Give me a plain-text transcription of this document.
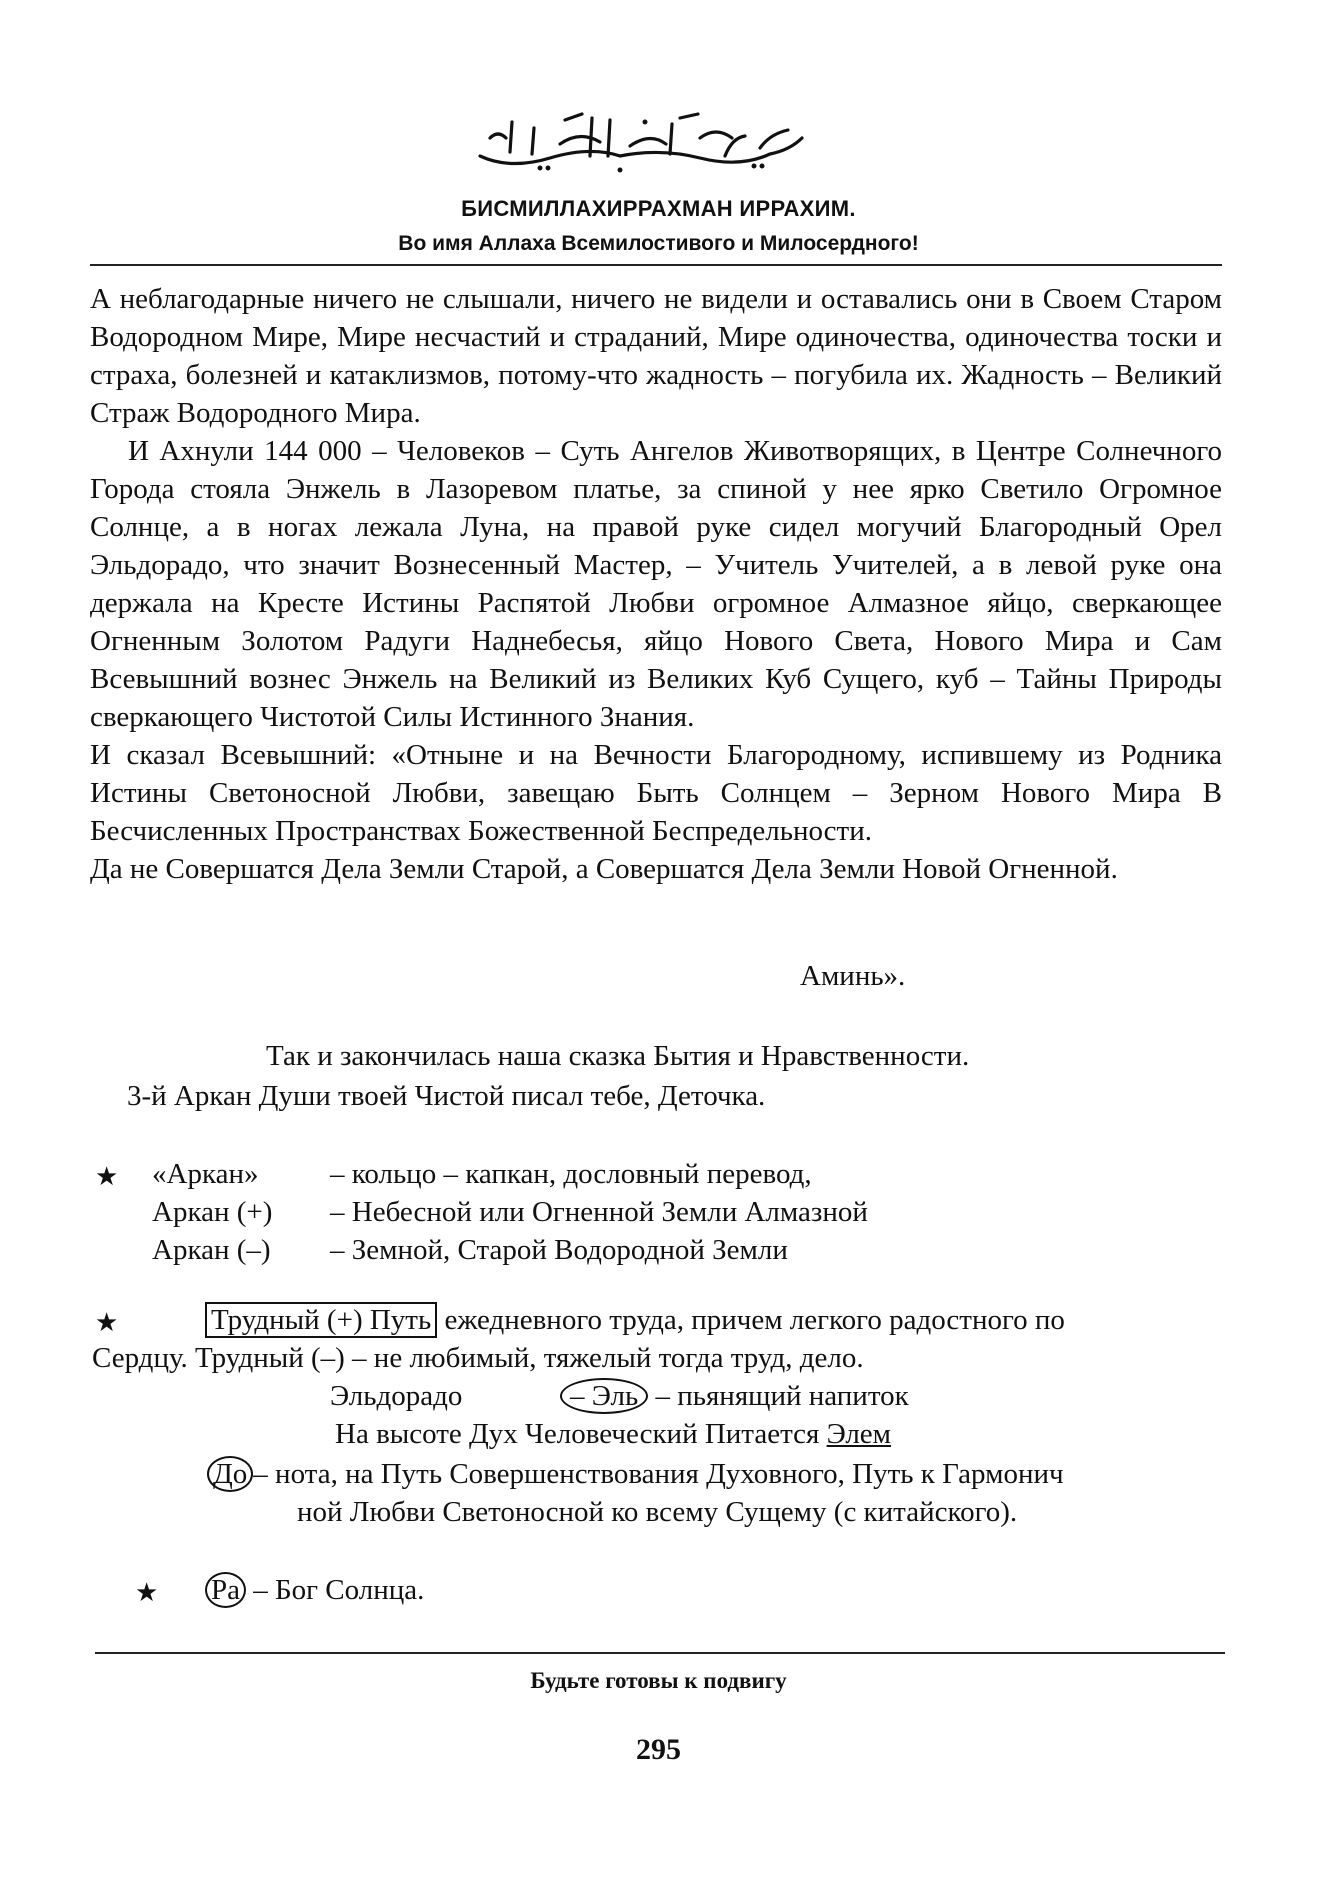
БИСМИЛЛАХИРРАХМАН ИРРАХИМ.
Во имя Аллаха Всемилостивого и Милосердного!

А неблагодарные ничего не слышали, ничего не видели и оставались они в Своем Старом Водородном Мире, Мире несчастий и страданий, Мире одиночества, одиночества тоски и страха, болезней и катаклизмов, потому-что жадность – погубила их. Жадность – Великий Страж Водородного Мира.

И Ахнули 144 000 – Человеков – Суть Ангелов Животворящих, в Центре Солнечного Города стояла Энжель в Лазоревом платье, за спиной у нее ярко Светило Огромное Солнце, а в ногах лежала Луна, на правой руке сидел могучий Благородный Орел Эльдорадо, что значит Вознесенный Мастер, – Учитель Учителей, а в левой руке она держала на Кресте Истины Распятой Любви огромное Алмазное яйцо, сверкающее Огненным Золотом Радуги Наднебесья, яйцо Нового Света, Нового Мира и Сам Всевышний вознес Энжель на Великий из Великих Куб Сущего, куб – Тайны Природы сверкающего Чистотой Силы Истинного Знания.

И сказал Всевышний: «Отныне и на Вечности Благородному, испившему из Родника Истины Светоносной Любви, завещаю Быть Солнцем – Зерном Нового Мира В Бесчисленных Пространствах Божественной Беспредельности.

Да не Совершатся Дела Земли Старой, а Совершатся Дела Земли Новой Огненной.

Аминь».
Так и закончилась наша сказка Бытия и Нравственности.
3-й Аркан Души твоей Чистой писал тебе, Деточка.
★ «Аркан» – кольцо – капкан, дословный перевод,
Аркан (+) – Небесной или Огненной Земли Алмазной
Аркан (–) – Земной, Старой Водородной Земли
★	Трудный (+) Путь ежедневного труда, причем легкого радостного по
Сердцу. Трудный (–) – не любимый, тяжелый тогда труд, дело.
Эльдорадо	– Эль – пьянящий напиток
На высоте Дух Человеческий Питается Элем
До – нота, на Путь Совершенствования Духовного, Путь к Гармонич
ной Любви Светоносной ко всему Сущему (с китайского).
★ Ра – Бог Солнца.
Будьте готовы к подвигу
295
